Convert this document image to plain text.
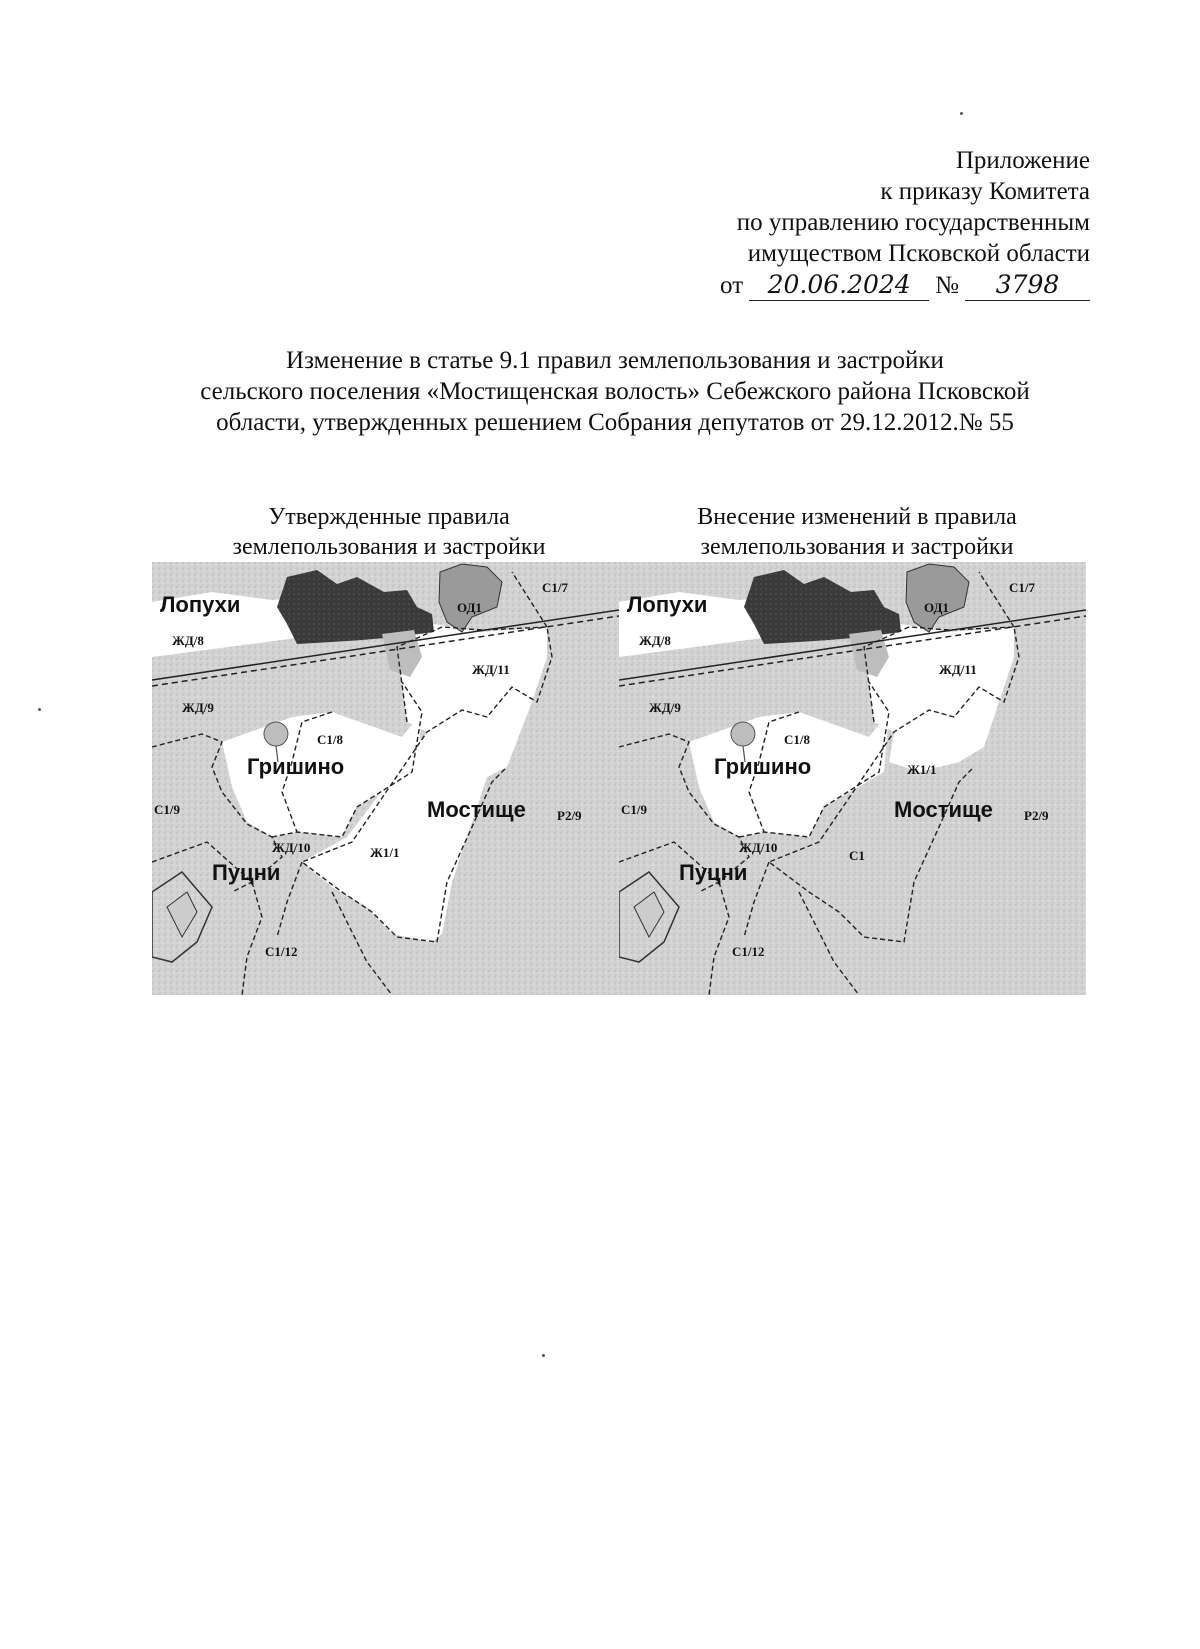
Приложение
к приказу Комитета
по управлению государственным
имуществом Псковской области
от 20.06.2024 №	3798
Изменение в статье 9.1 правил землепользования и застройки
сельского поселения «Мостищенская волость» Себежского района Псковской
области, утвержденных решением Собрания депутатов от 29.12.2012.№ 55
Утвержденные правила
землепользования и застройки
Внесение изменений в правила
землепользования и застройки
С1/7
ОД1
Лопухи
ЖД/8
ЖД/11
ЖД/9
С1/8
Гришино
С1/9	Мостище Р2/9
ЖД/10	Ж1/1
Пуцни
С1/12
С1/7
ОД1
Лопухи
ЖД/8
ЖД/11
ЖД/9
С1/8
Гришино	Ж1/1
С1/9	Мостище Р2/9
ЖД/10
С1
Пуцни
С1/12
